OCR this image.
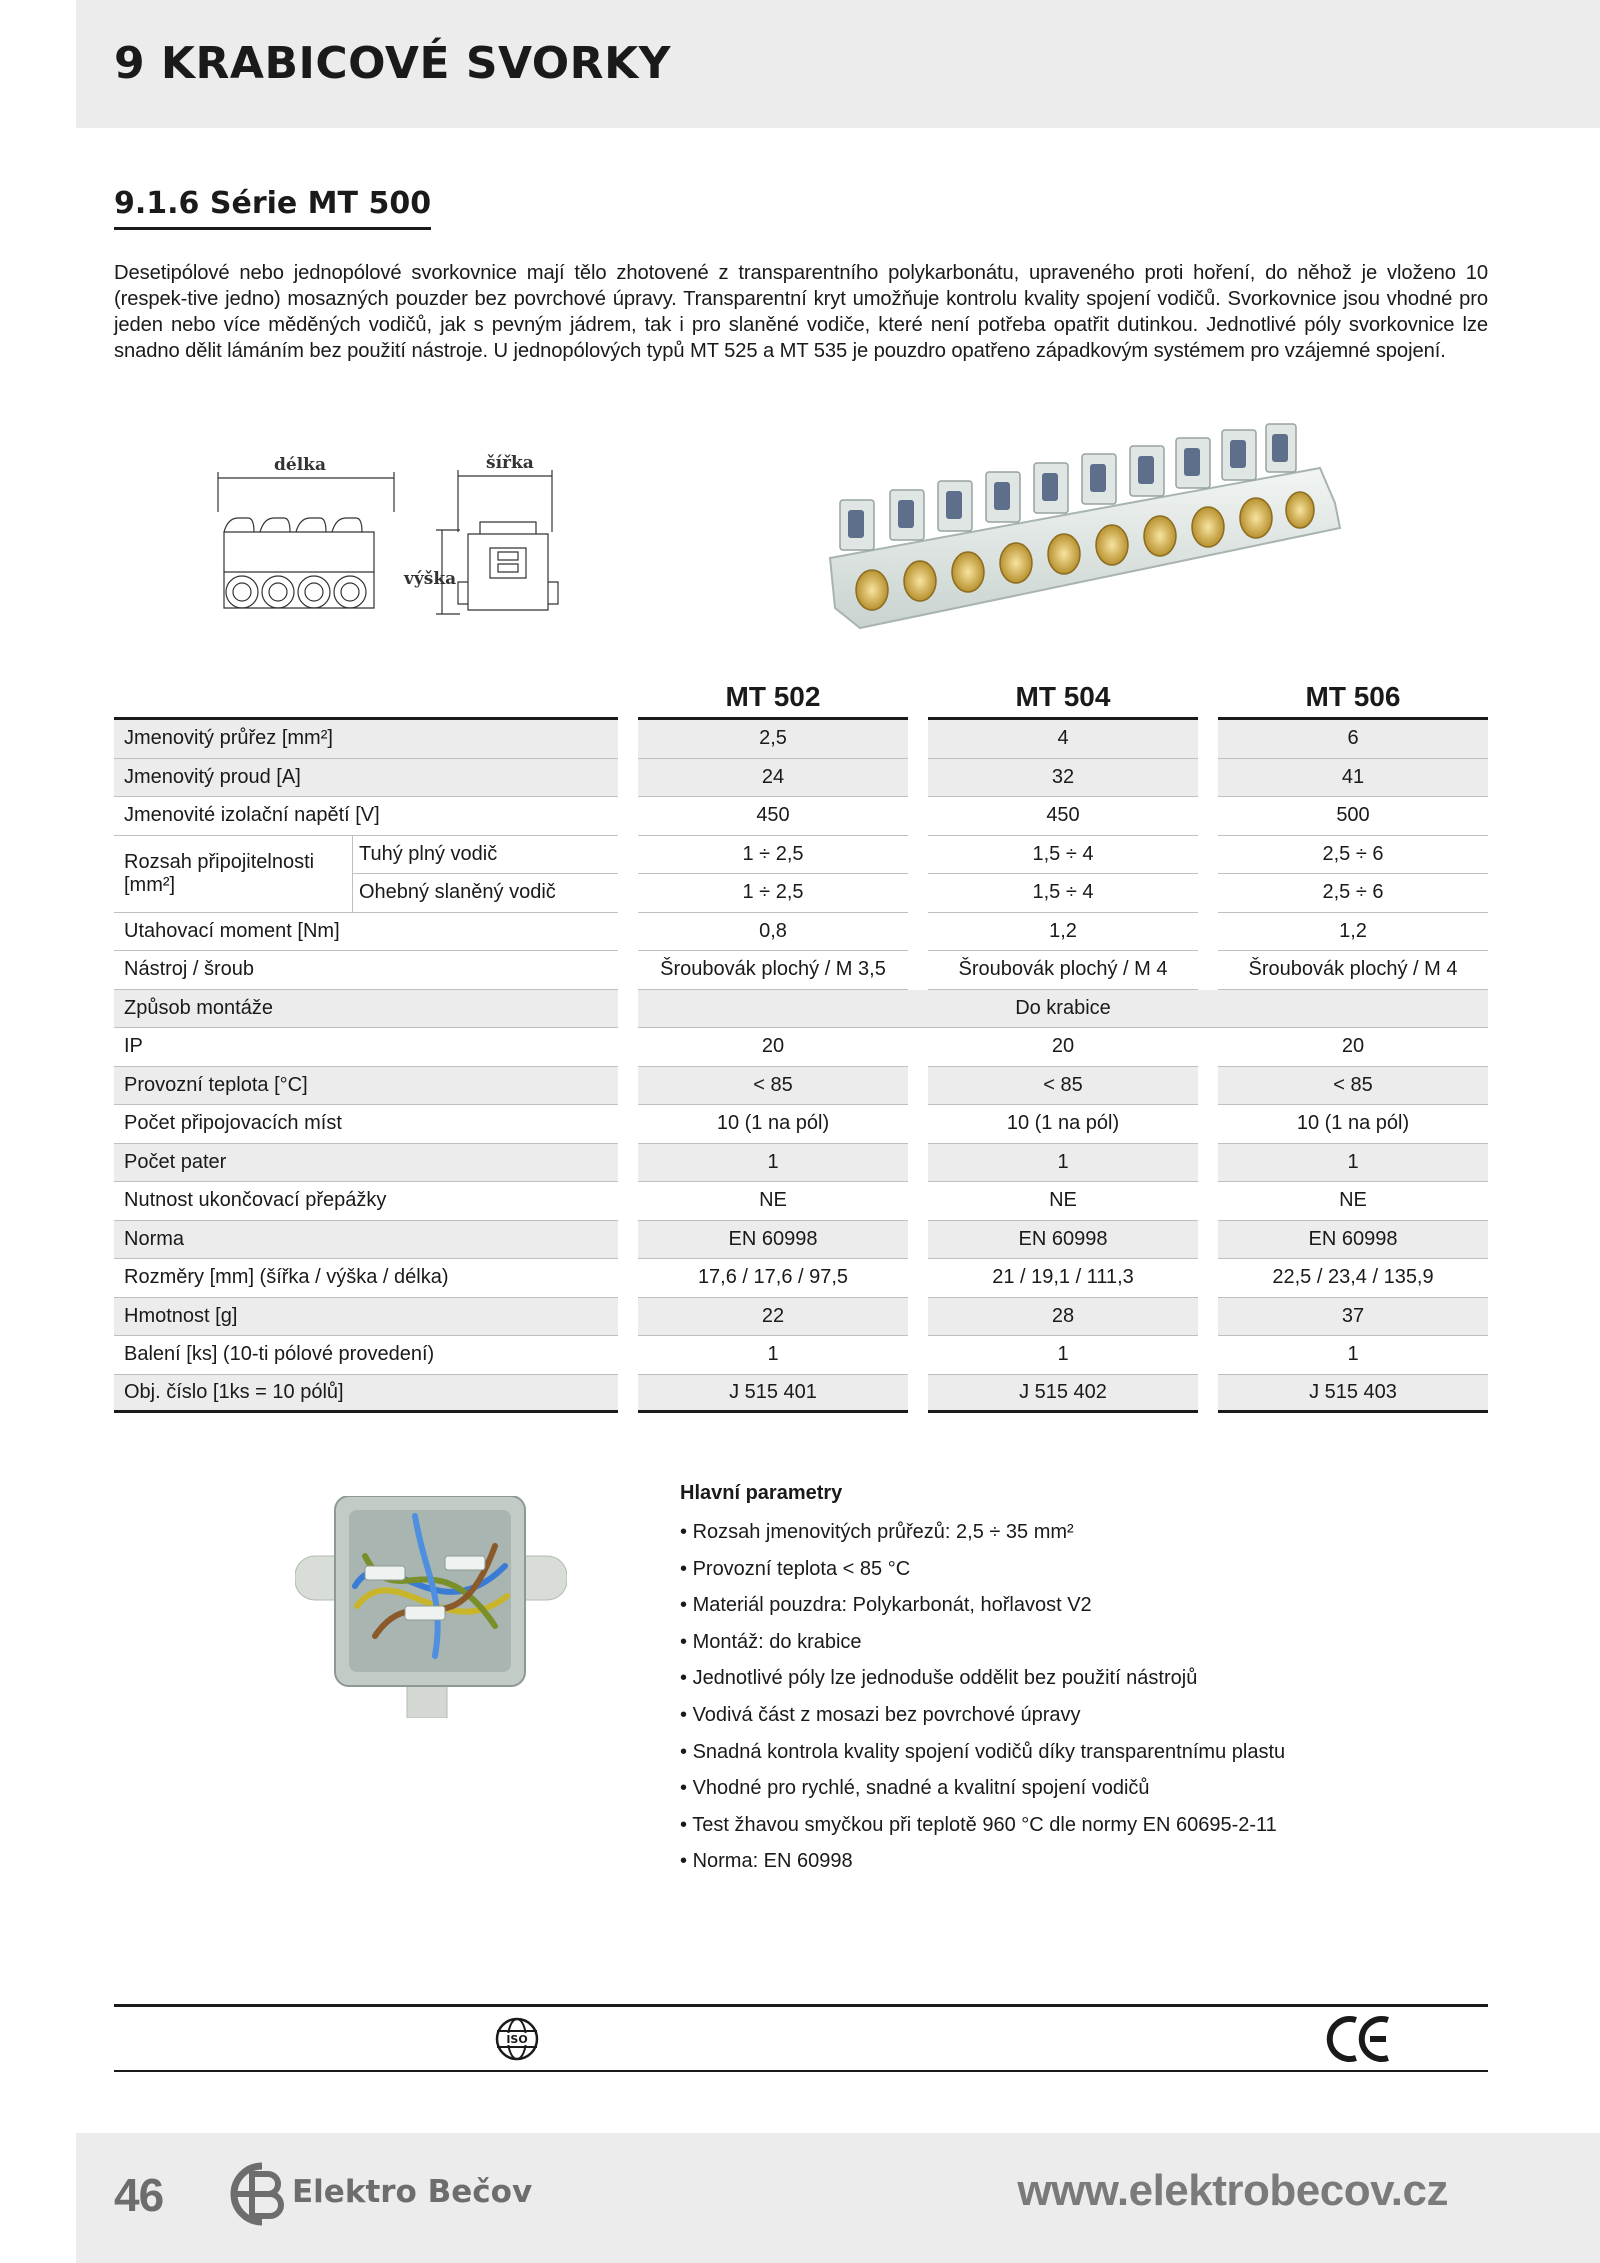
9 KRABICOVÉ SVORKY
9.1.6 Série MT 500

Desetipólové nebo jednopólové svorkovnice mají tělo zhotovené z transparentního polykarbonátu, upraveného proti hoření, do něhož je vloženo 10 (respek-tive jedno) mosazných pouzder bez povrchové úpravy. Transparentní kryt umožňuje kontrolu kvality spojení vodičů. Svorkovnice jsou vhodné pro jeden nebo více měděných vodičů, jak s pevným jádrem, tak i pro slaněné vodiče, které není potřeba opatřit dutinkou. Jednotlivé póly svorkovnice lze snadno dělit lámáním bez použití nástroje. U jednopólových typů MT 525 a MT 535 je pouzdro opatřeno západkovým systémem pro vzájemné spojení.

délka	šířka
výška
			MT 502		MT 504		MT 506
Jmenovitý průřez [mm²]			2,5		4		6
Jmenovitý proud [A]			24		32		41
Jmenovité izolační napětí [V]			450		450		500
Rozsah připojitelnosti [mm²]	Tuhý plný vodič		1 ÷ 2,5		1,5 ÷ 4		2,5 ÷ 6
	Ohebný slaněný vodič		1 ÷ 2,5		1,5 ÷ 4		2,5 ÷ 6
Utahovací moment [Nm]			0,8		1,2		1,2
Nástroj / šroub			Šroubovák plochý / M 3,5		Šroubovák plochý / M 4		Šroubovák plochý / M 4
Způsob montáže			Do krabice				
IP			20		20		20
Provozní teplota [°C]			< 85		< 85		< 85
Počet připojovacích míst			10 (1 na pól)		10 (1 na pól)		10 (1 na pól)
Počet pater			1		1		1
Nutnost ukončovací přepážky			NE		NE		NE
Norma			EN 60998		EN 60998		EN 60998
Rozměry [mm] (šířka / výška / délka)			17,6 / 17,6 / 97,5		21 / 19,1 / 111,3		22,5 / 23,4 / 135,9
Hmotnost [g]			22		28		37
Balení [ks] (10-ti pólové provedení)			1		1		1
Obj. číslo [1ks = 10 pólů]			J 515 401		J 515 402		J 515 403
Hlavní parametry
• Rozsah jmenovitých průřezů: 2,5 ÷ 35 mm²
• Provozní teplota < 85 °C
• Materiál pouzdra: Polykarbonát, hořlavost V2
• Montáž: do krabice
• Jednotlivé póly lze jednoduše oddělit bez použití nástrojů
• Vodivá část z mosazi bez povrchové úpravy
• Snadná kontrola kvality spojení vodičů díky transparentnímu plastu
• Vhodné pro rychlé, snadné a kvalitní spojení vodičů
• Test žhavou smyčkou při teplotě 960 °C dle normy EN 60695-2-11
• Norma: EN 60998
ISO
46	Elektro Bečov	www.elektrobecov.cz
